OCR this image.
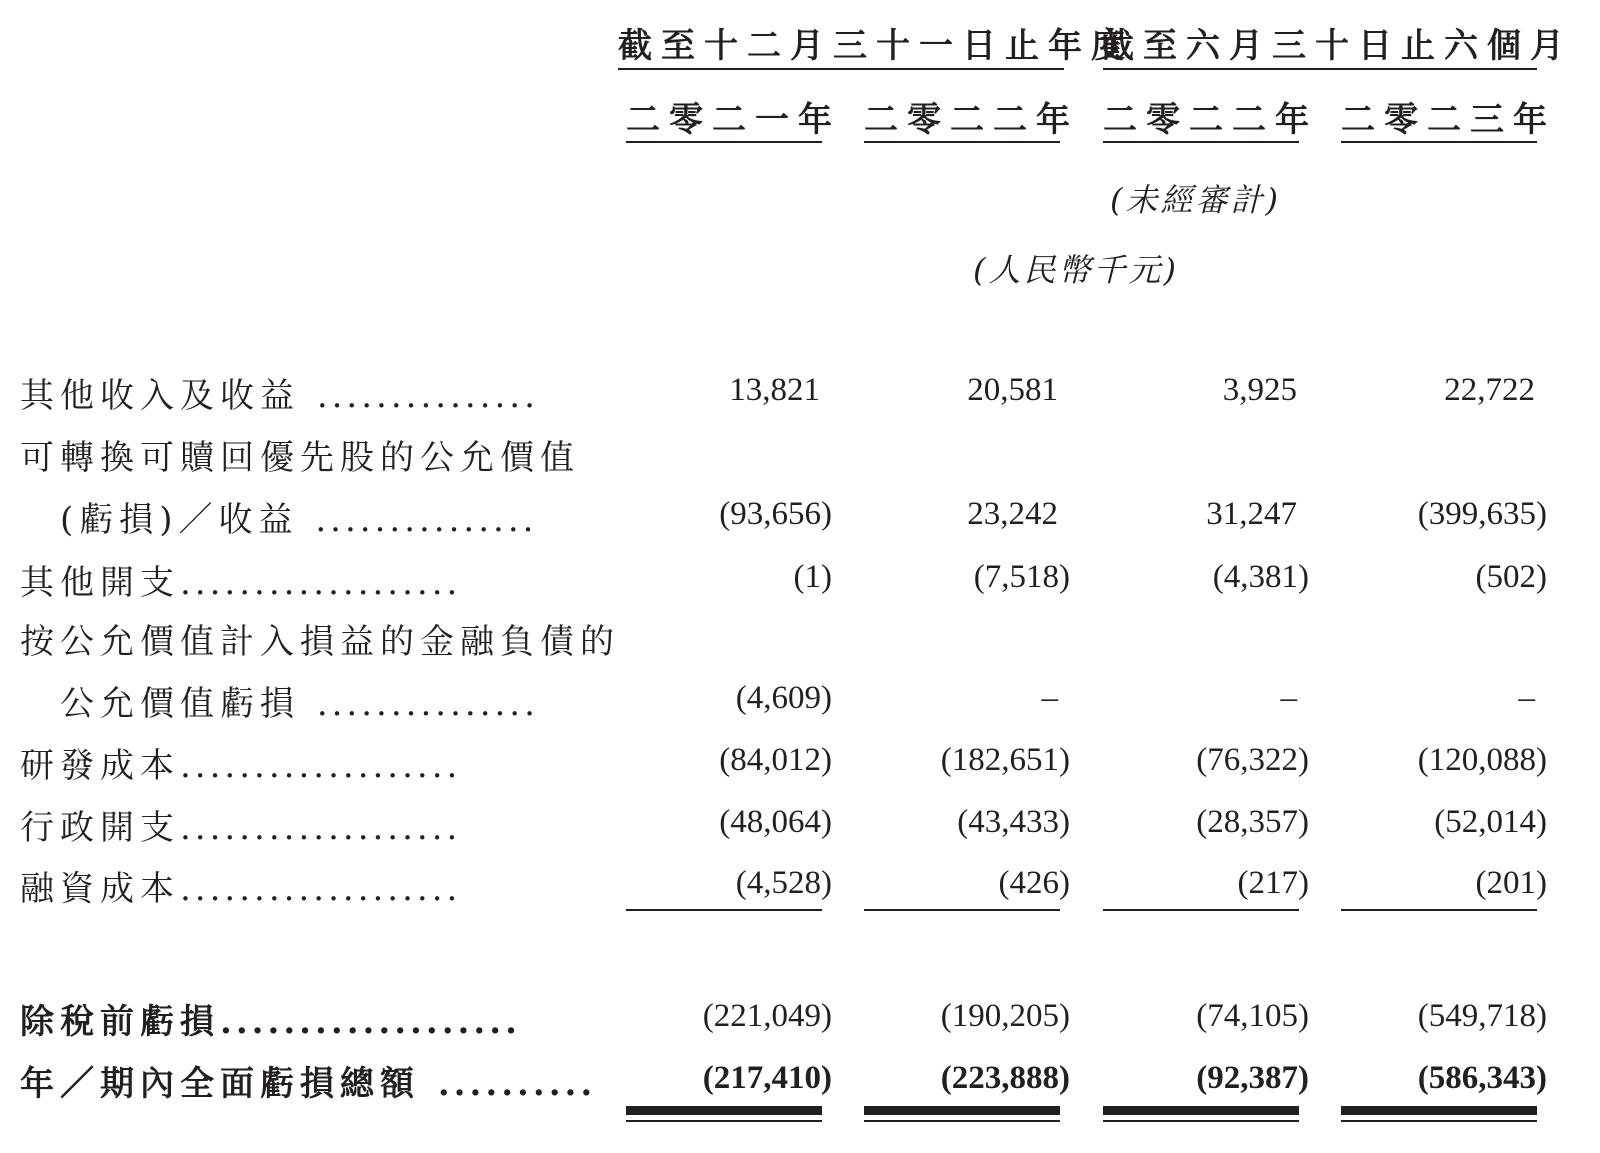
截至十二月三十一日止年度
截至六月三十日止六個月
二零二一年 二零二二年 二零二二年 二零二三年
(未經審計)
(人民幣千元)
其他收入及收益 ...............	13,821	20,581	3,925	22,722
可轉換可贖回優先股的公允價值
(虧損)／收益 ...............	(93,656)	23,242	31,247	(399,635)
其他開支...................	(1)	(7,518)	(4,381)	(502)
按公允價值計入損益的金融負債的
公允價值虧損 ...............	(4,609)	–	–	–
研發成本...................	(84,012)	(182,651)	(76,322)	(120,088)
行政開支...................	(48,064)	(43,433)	(28,357)	(52,014)
融資成本...................	(4,528)	(426)	(217)	(201)
除稅前虧損...................	(221,049)	(190,205)	(74,105)	(549,718)
年／期內全面虧損總額 ..........	(217,410)	(223,888)	(92,387)	(586,343)
